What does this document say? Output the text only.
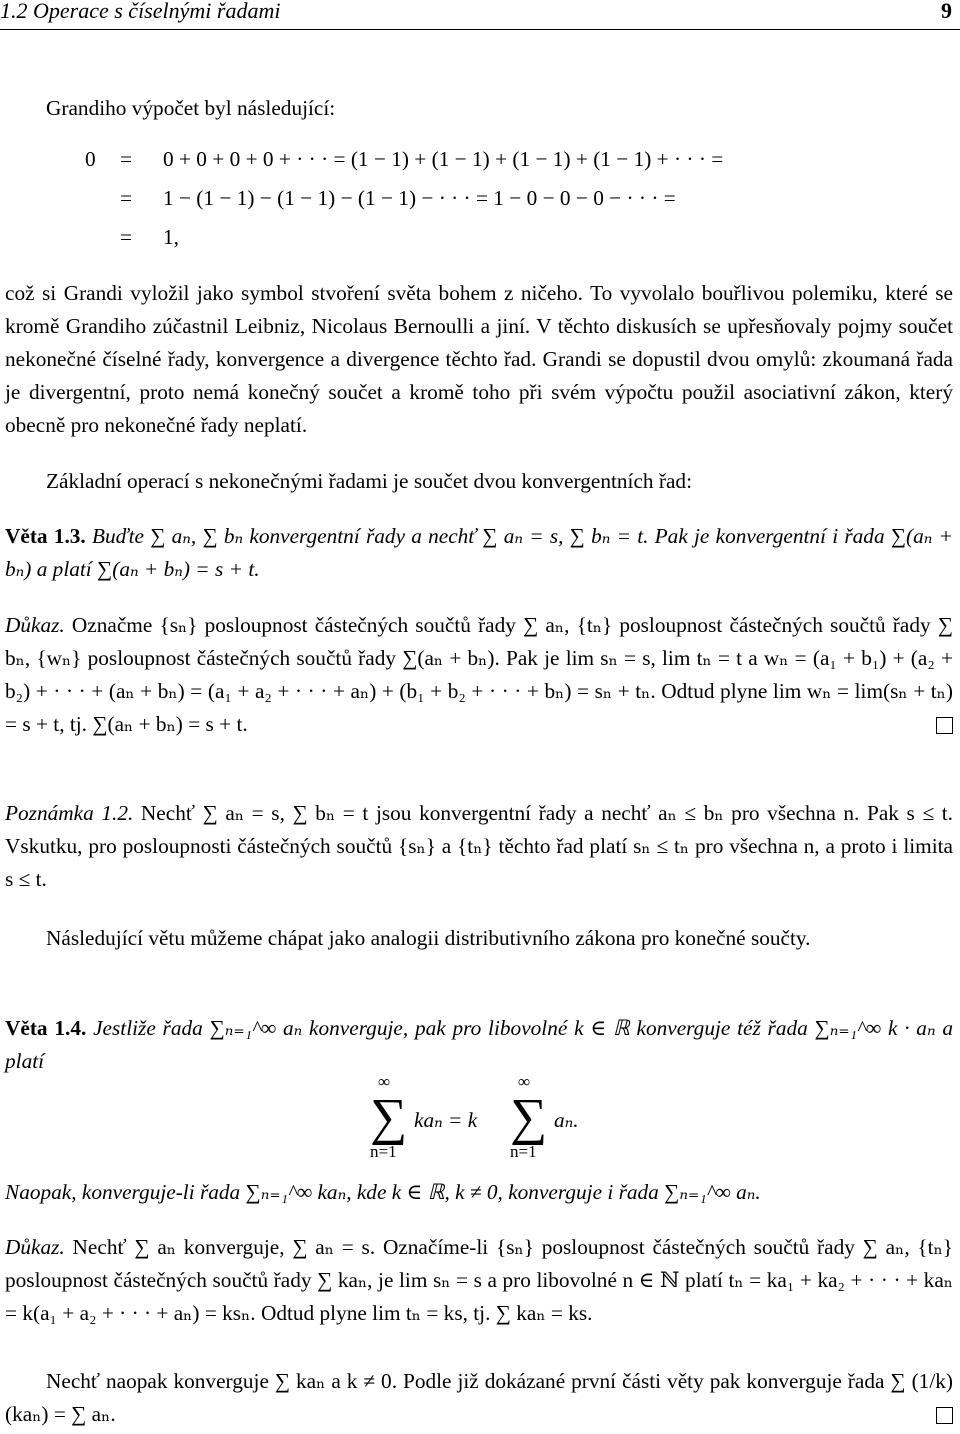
1.2 Operace s číselnými řadami	9
Grandiho výpočet byl následující:
0 = 0 + 0 + 0 + 0 + · · · = (1 − 1) + (1 − 1) + (1 − 1) + (1 − 1) + · · · =
= 1 − (1 − 1) − (1 − 1) − (1 − 1) − · · · = 1 − 0 − 0 − 0 − · · · =
= 1,
což si Grandi vyložil jako symbol stvoření světa bohem z ničeho. To vyvolalo bouřlivou polemiku, které se kromě Grandiho zúčastnil Leibniz, Nicolaus Bernoulli a jiní. V těchto diskusích se upřesňovaly pojmy součet nekonečné číselné řady, konvergence a divergence těchto řad. Grandi se dopustil dvou omylů: zkoumaná řada je divergentní, proto nemá konečný součet a kromě toho při svém výpočtu použil asociativní zákon, který obecně pro nekonečné řady neplatí.
Základní operací s nekonečnými řadami je součet dvou konvergentních řad:
Věta 1.3. Buďte ∑ aₙ, ∑ bₙ konvergentní řady a nechť ∑ aₙ = s, ∑ bₙ = t. Pak je konvergentní i řada ∑(aₙ + bₙ) a platí ∑(aₙ + bₙ) = s + t.
Důkaz. Označme {sₙ} posloupnost částečných součtů řady ∑ aₙ, {tₙ} posloupnost částečných součtů řady ∑ bₙ, {wₙ} posloupnost částečných součtů řady ∑(aₙ + bₙ). Pak je lim sₙ = s, lim tₙ = t a wₙ = (a₁ + b₁) + (a₂ + b₂) + · · · + (aₙ + bₙ) = (a₁ + a₂ + · · · + aₙ) + (b₁ + b₂ + · · · + bₙ) = sₙ + tₙ. Odtud plyne lim wₙ = lim(sₙ + tₙ) = s + t, tj. ∑(aₙ + bₙ) = s + t.
Poznámka 1.2. Nechť ∑ aₙ = s, ∑ bₙ = t jsou konvergentní řady a nechť aₙ ≤ bₙ pro všechna n. Pak s ≤ t. Vskutku, pro posloupnosti částečných součtů {sₙ} a {tₙ} těchto řad platí sₙ ≤ tₙ pro všechna n, a proto i limita s ≤ t.
Následující větu můžeme chápat jako analogii distributivního zákona pro konečné součty.
Věta 1.4. Jestliže řada ∑ₙ₌₁^∞ aₙ konverguje, pak pro libovolné k ∈ ℝ konverguje též řada ∑ₙ₌₁^∞ k · aₙ a platí
∞
∑
n=1
kaₙ = k
∞
∑
n=1
aₙ.
Naopak, konverguje-li řada ∑ₙ₌₁^∞ kaₙ, kde k ∈ ℝ, k ≠ 0, konverguje i řada ∑ₙ₌₁^∞ aₙ.
Důkaz. Nechť ∑ aₙ konverguje, ∑ aₙ = s. Označíme-li {sₙ} posloupnost částečných součtů řady ∑ aₙ, {tₙ} posloupnost částečných součtů řady ∑ kaₙ, je lim sₙ = s a pro libovolné n ∈ ℕ platí tₙ = ka₁ + ka₂ + · · · + kaₙ = k(a₁ + a₂ + · · · + aₙ) = ksₙ. Odtud plyne lim tₙ = ks, tj. ∑ kaₙ = ks.
Nechť naopak konverguje ∑ kaₙ a k ≠ 0. Podle již dokázané první části věty pak konverguje řada ∑ (1/k)(kaₙ) = ∑ aₙ.
